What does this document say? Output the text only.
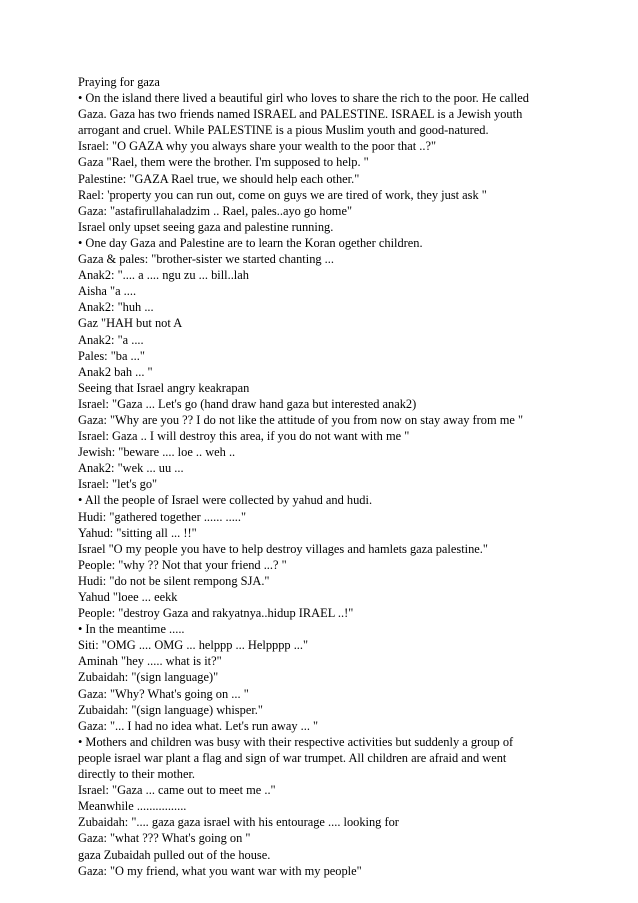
Praying for gaza
• On the island there lived a beautiful girl who loves to share the rich to the poor. He called
Gaza. Gaza has two friends named ISRAEL and PALESTINE. ISRAEL is a Jewish youth
arrogant and cruel. While PALESTINE is a pious Muslim youth and good-natured.
Israel: "O GAZA why you always share your wealth to the poor that ..?"
Gaza "Rael, them were the brother. I'm supposed to help. "
Palestine: "GAZA Rael true, we should help each other."
Rael: 'property you can run out, come on guys we are tired of work, they just ask "
Gaza: "astafirullahaladzim .. Rael, pales..ayo go home"
Israel only upset seeing gaza and palestine running.
• One day Gaza and Palestine are to learn the Koran ogether children.
Gaza & pales: "brother-sister we started chanting ...
Anak2: ".... a .... ngu zu ... bill..lah
Aisha "a ....
Anak2: "huh ...
Gaz "HAH but not A
Anak2: "a ....
Pales: "ba ..."
Anak2 bah ... "
Seeing that Israel angry keakrapan
Israel: "Gaza ... Let's go (hand draw hand gaza but interested anak2)
Gaza: "Why are you ?? I do not like the attitude of you from now on stay away from me "
Israel: Gaza .. I will destroy this area, if you do not want with me "
Jewish: "beware .... loe .. weh ..
Anak2: "wek ... uu ...
Israel: "let's go"
• All the people of Israel were collected by yahud and hudi.
Hudi: "gathered together ...... ....."
Yahud: "sitting all ... !!"
Israel "O my people you have to help destroy villages and hamlets gaza palestine."
People: "why ?? Not that your friend ...? "
Hudi: "do not be silent rempong SJA."
Yahud "loee ... eekk
People: "destroy Gaza and rakyatnya..hidup IRAEL ..!"
• In the meantime .....
Siti: "OMG .... OMG ... helppp ... Helpppp ..."
Aminah "hey ..... what is it?"
Zubaidah: "(sign language)"
Gaza: "Why? What's going on ... "
Zubaidah: "(sign language) whisper."
Gaza: "... I had no idea what. Let's run away ... "
• Mothers and children was busy with their respective activities but suddenly a group of
people israel war plant a flag and sign of war trumpet. All children are afraid and went
directly to their mother.
Israel: "Gaza ... came out to meet me .."
Meanwhile ................
Zubaidah: ".... gaza gaza israel with his entourage .... looking for
Gaza: "what ??? What's going on "
gaza Zubaidah pulled out of the house.
Gaza: "O my friend, what you want war with my people"
